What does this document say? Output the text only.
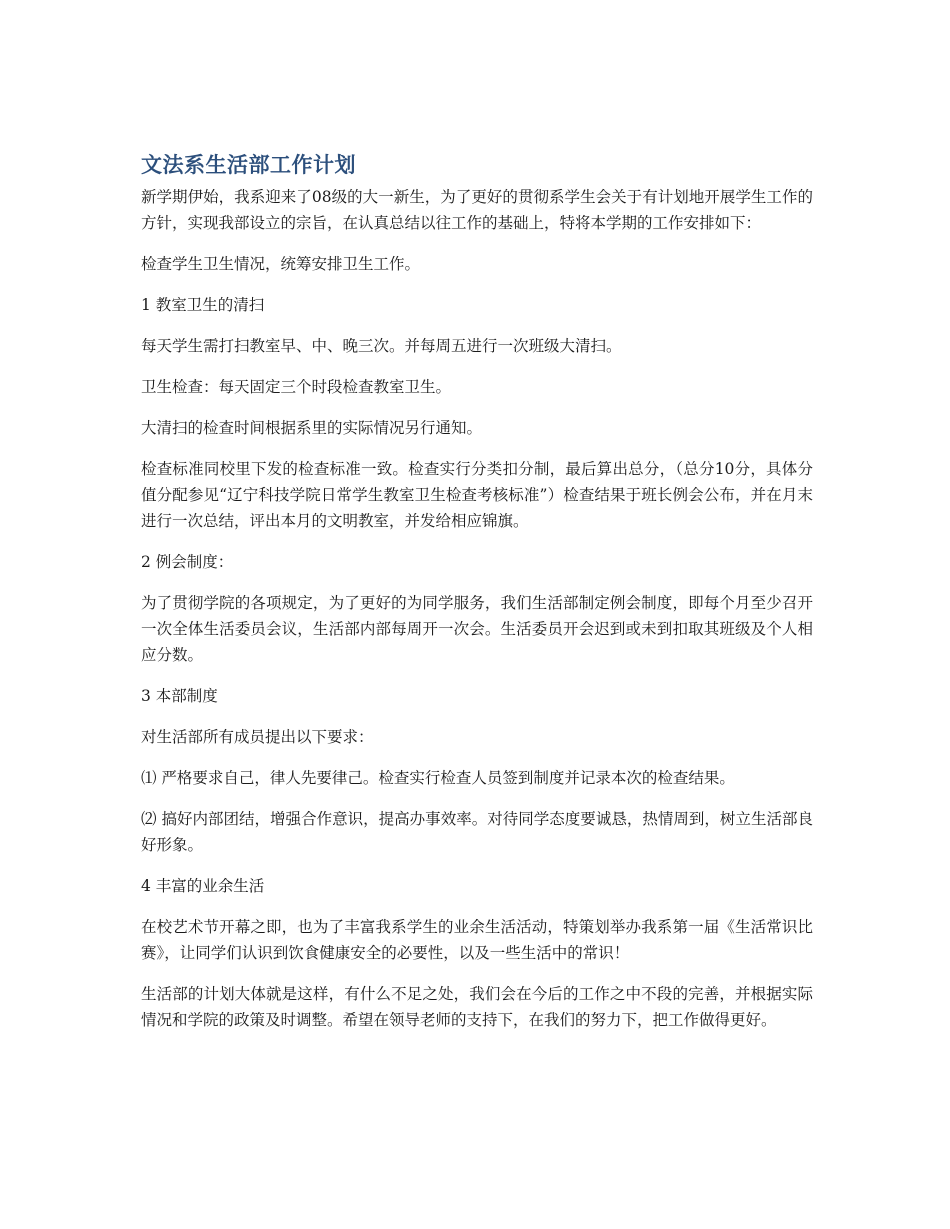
文法系生活部工作计划

新学期伊始，我系迎来了08级的大一新生，为了更好的贯彻系学生会关于有计划地开展学生工作的方针，实现我部设立的宗旨，在认真总结以往工作的基础上，特将本学期的工作安排如下：

检查学生卫生情况，统筹安排卫生工作。

1 教室卫生的清扫

每天学生需打扫教室早、中、晚三次。并每周五进行一次班级大清扫。

卫生检查：每天固定三个时段检查教室卫生。

大清扫的检查时间根据系里的实际情况另行通知。

检查标准同校里下发的检查标准一致。检查实行分类扣分制，最后算出总分，（总分10分，具体分值分配参见“辽宁科技学院日常学生教室卫生检查考核标准”）检查结果于班长例会公布，并在月末进行一次总结，评出本月的文明教室，并发给相应锦旗。

2 例会制度：

为了贯彻学院的各项规定，为了更好的为同学服务，我们生活部制定例会制度，即每个月至少召开一次全体生活委员会议，生活部内部每周开一次会。生活委员开会迟到或未到扣取其班级及个人相应分数。

3 本部制度

对生活部所有成员提出以下要求：

⑴ 严格要求自己，律人先要律己。检查实行检查人员签到制度并记录本次的检查结果。

⑵ 搞好内部团结，增强合作意识，提高办事效率。对待同学态度要诚恳，热情周到，树立生活部良好形象。

4 丰富的业余生活

在校艺术节开幕之即，也为了丰富我系学生的业余生活活动，特策划举办我系第一届《生活常识比赛》，让同学们认识到饮食健康安全的必要性，以及一些生活中的常识！

生活部的计划大体就是这样，有什么不足之处，我们会在今后的工作之中不段的完善，并根据实际情况和学院的政策及时调整。希望在领导老师的支持下，在我们的努力下，把工作做得更好。
